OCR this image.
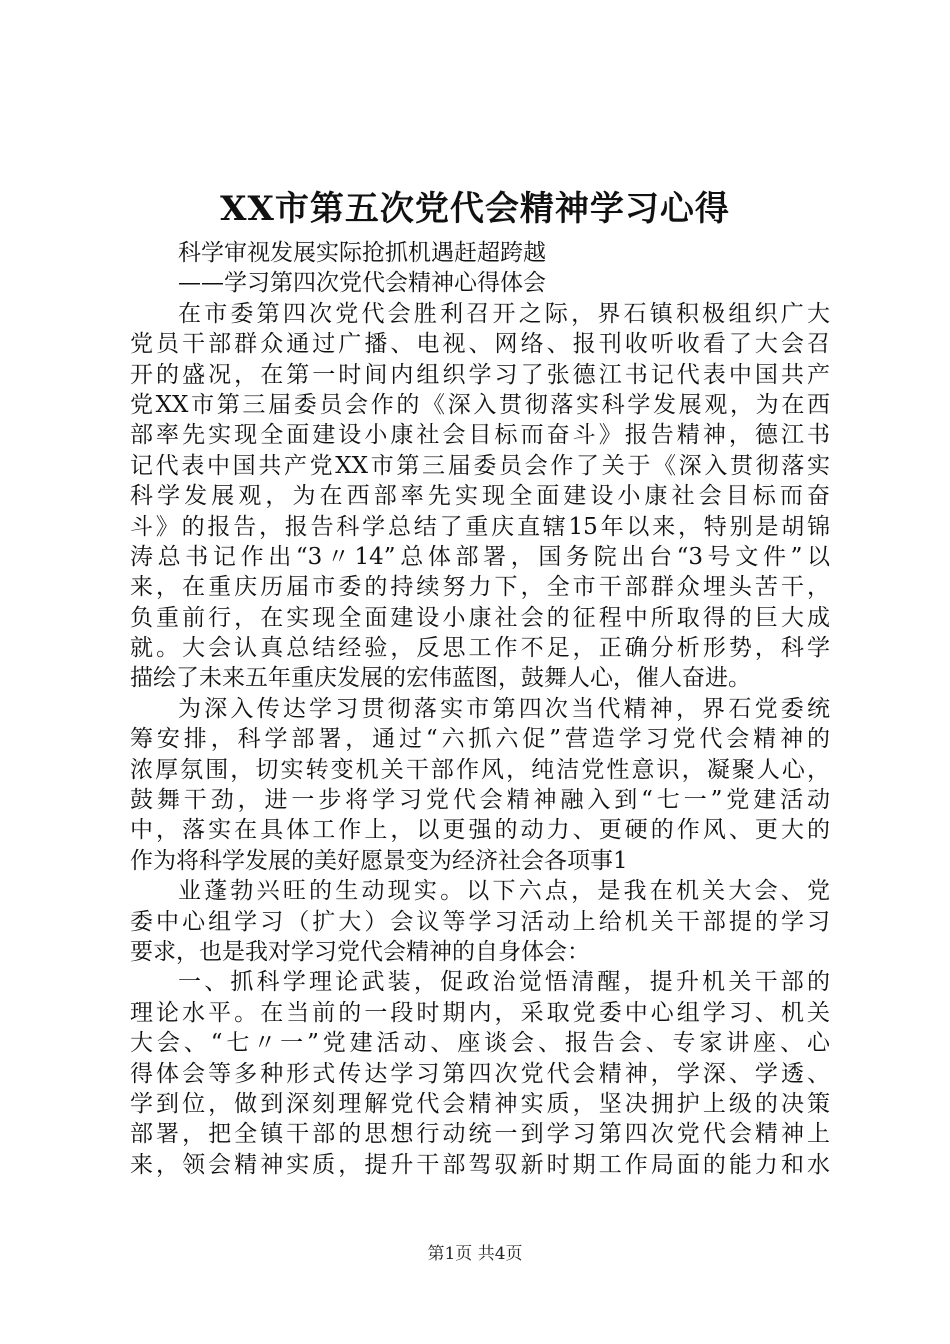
XX市第五次党代会精神学习心得
科学审视发展实际抢抓机遇赶超跨越
——学习第四次党代会精神心得体会
在市委第四次党代会胜利召开之际，界石镇积极组织广大
党员干部群众通过广播、电视、网络、报刊收听收看了大会召
开的盛况，在第一时间内组织学习了张德江书记代表中国共产
党XX市第三届委员会作的《深入贯彻落实科学发展观，为在西
部率先实现全面建设小康社会目标而奋斗》报告精神，德江书
记代表中国共产党XX市第三届委员会作了关于《深入贯彻落实
科学发展观，为在西部率先实现全面建设小康社会目标而奋
斗》的报告，报告科学总结了重庆直辖15年以来，特别是胡锦
涛总书记作出“3〃14”总体部署，国务院出台“3号文件”以
来，在重庆历届市委的持续努力下，全市干部群众埋头苦干，
负重前行，在实现全面建设小康社会的征程中所取得的巨大成
就。大会认真总结经验，反思工作不足，正确分析形势，科学
描绘了未来五年重庆发展的宏伟蓝图，鼓舞人心，催人奋进。
为深入传达学习贯彻落实市第四次当代精神，界石党委统
筹安排，科学部署，通过“六抓六促”营造学习党代会精神的
浓厚氛围，切实转变机关干部作风，纯洁党性意识，凝聚人心，
鼓舞干劲，进一步将学习党代会精神融入到“七一”党建活动
中，落实在具体工作上，以更强的动力、更硬的作风、更大的
作为将科学发展的美好愿景变为经济社会各项事1
业蓬勃兴旺的生动现实。以下六点，是我在机关大会、党
委中心组学习（扩大）会议等学习活动上给机关干部提的学习
要求，也是我对学习党代会精神的自身体会：
一、抓科学理论武装，促政治觉悟清醒，提升机关干部的
理论水平。在当前的一段时期内，采取党委中心组学习、机关
大会、“七〃一”党建活动、座谈会、报告会、专家讲座、心
得体会等多种形式传达学习第四次党代会精神，学深、学透、
学到位，做到深刻理解党代会精神实质，坚决拥护上级的决策
部署，把全镇干部的思想行动统一到学习第四次党代会精神上
来，领会精神实质，提升干部驾驭新时期工作局面的能力和水
第1页 共4页
